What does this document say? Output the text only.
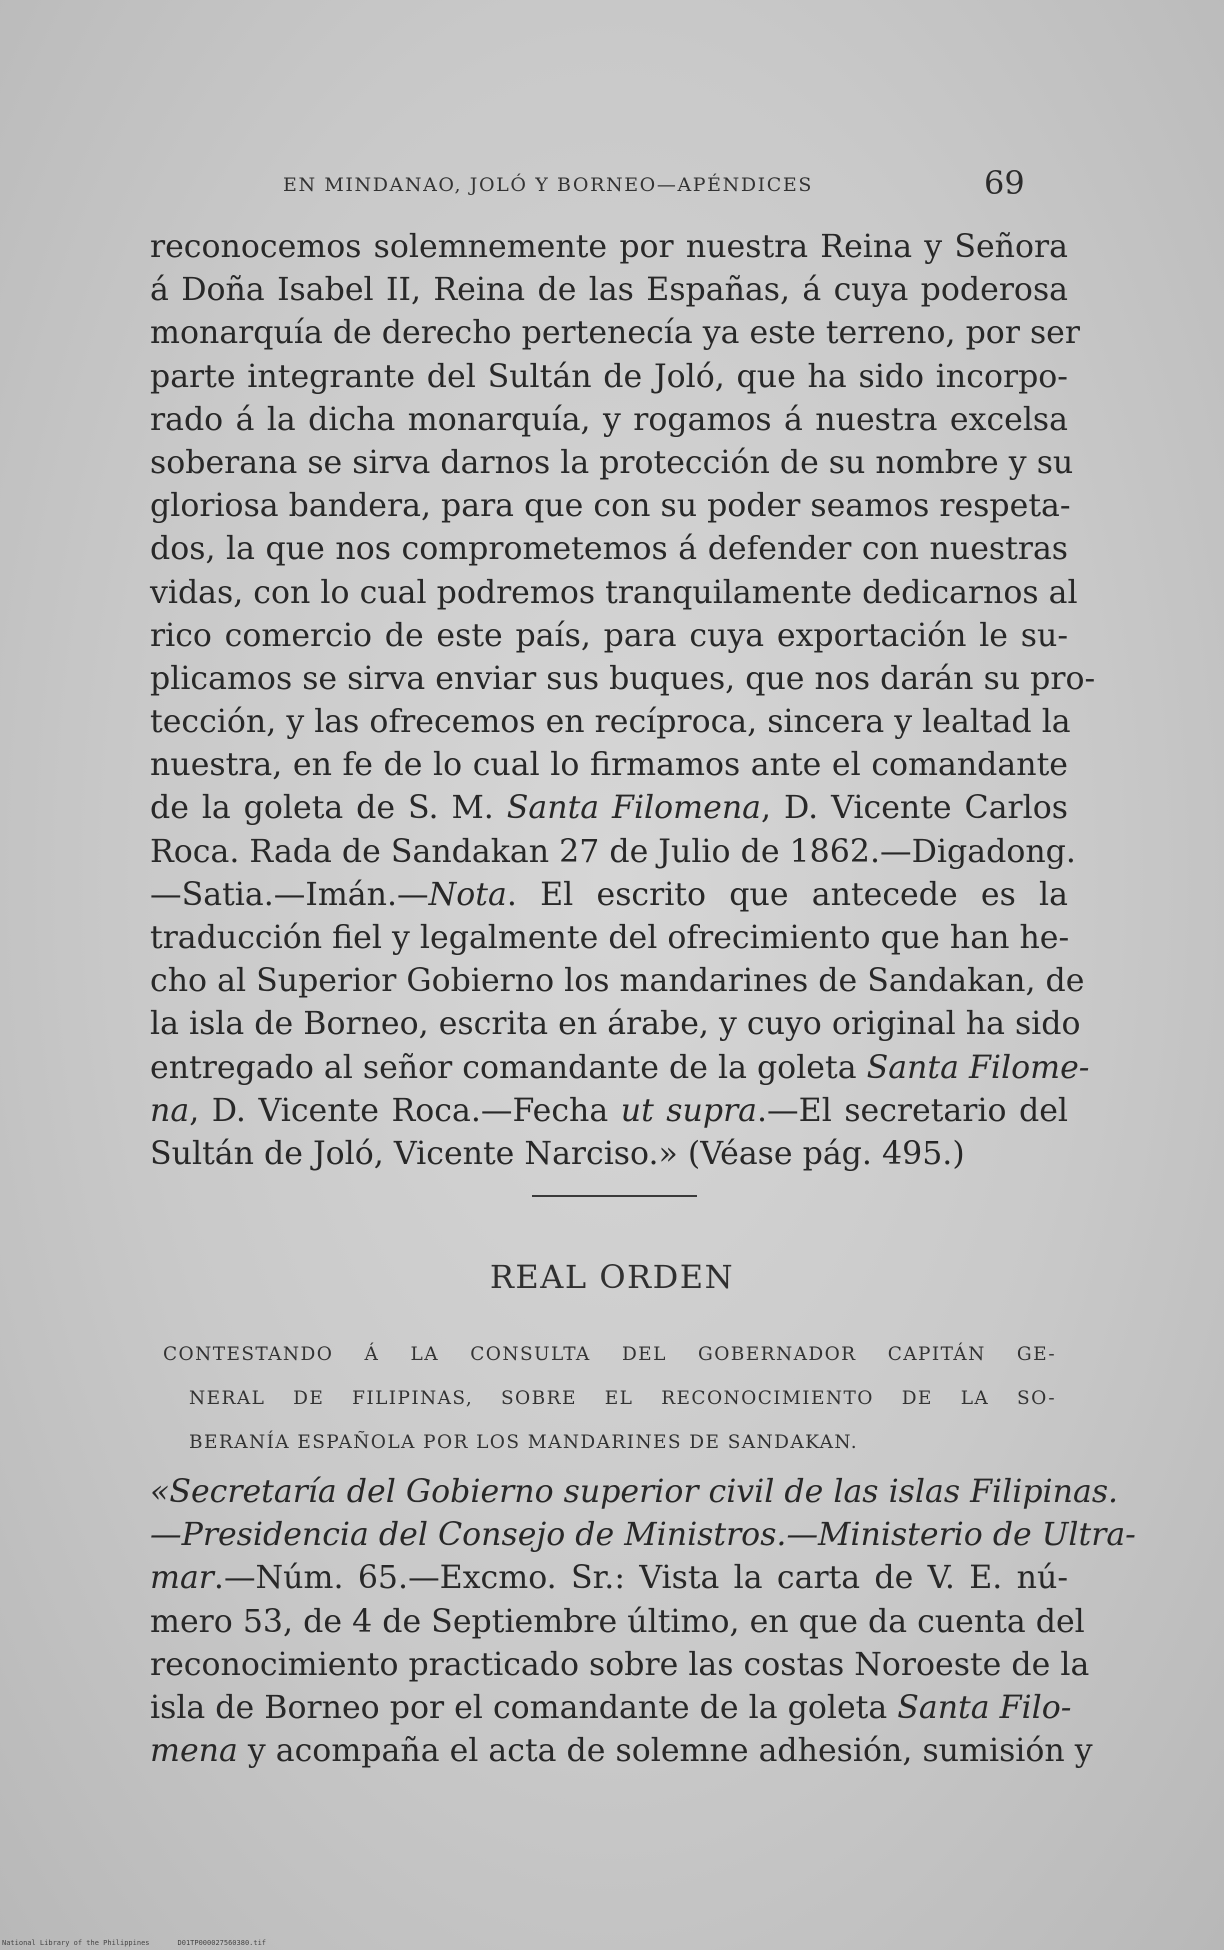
EN MINDANAO, JOLÓ Y BORNEO—APÉNDICES	69
reconocemos solemnemente por nuestra Reina y Señora
á Doña Isabel II, Reina de las Españas, á cuya poderosa
monarquía de derecho pertenecía ya este terreno, por ser
parte integrante del Sultán de Joló, que ha sido incorpo-
rado á la dicha monarquía, y rogamos á nuestra excelsa
soberana se sirva darnos la protección de su nombre y su
gloriosa bandera, para que con su poder seamos respeta-
dos, la que nos comprometemos á defender con nuestras
vidas, con lo cual podremos tranquilamente dedicarnos al
rico comercio de este país, para cuya exportación le su-
plicamos se sirva enviar sus buques, que nos darán su pro-
tección, y las ofrecemos en recíproca, sincera y lealtad la
nuestra, en fe de lo cual lo firmamos ante el comandante
de la goleta de S. M. Santa Filomena, D. Vicente Carlos
Roca. Rada de Sandakan 27 de Julio de 1862.—Digadong.
—Satia.—Imán.—Nota. El escrito que antecede es la
traducción fiel y legalmente del ofrecimiento que han he-
cho al Superior Gobierno los mandarines de Sandakan, de
la isla de Borneo, escrita en árabe, y cuyo original ha sido
entregado al señor comandante de la goleta Santa Filome-
na, D. Vicente Roca.—Fecha ut supra.—El secretario del
Sultán de Joló, Vicente Narciso.» (Véase pág. 495.)
REAL ORDEN
CONTESTANDO Á LA CONSULTA DEL GOBERNADOR CAPITÁN GE-
NERAL DE FILIPINAS, SOBRE EL RECONOCIMIENTO DE LA SO-
BERANÍA ESPAÑOLA POR LOS MANDARINES DE SANDAKAN.
«Secretaría del Gobierno superior civil de las islas Filipinas.
—Presidencia del Consejo de Ministros.—Ministerio de Ultra-
mar.—Núm. 65.—Excmo. Sr.: Vista la carta de V. E. nú-
mero 53, de 4 de Septiembre último, en que da cuenta del
reconocimiento practicado sobre las costas Noroeste de la
isla de Borneo por el comandante de la goleta Santa Filo-
mena y acompaña el acta de solemne adhesión, sumisión y
National Library of the Philippines	D01TP000027560380.tif
